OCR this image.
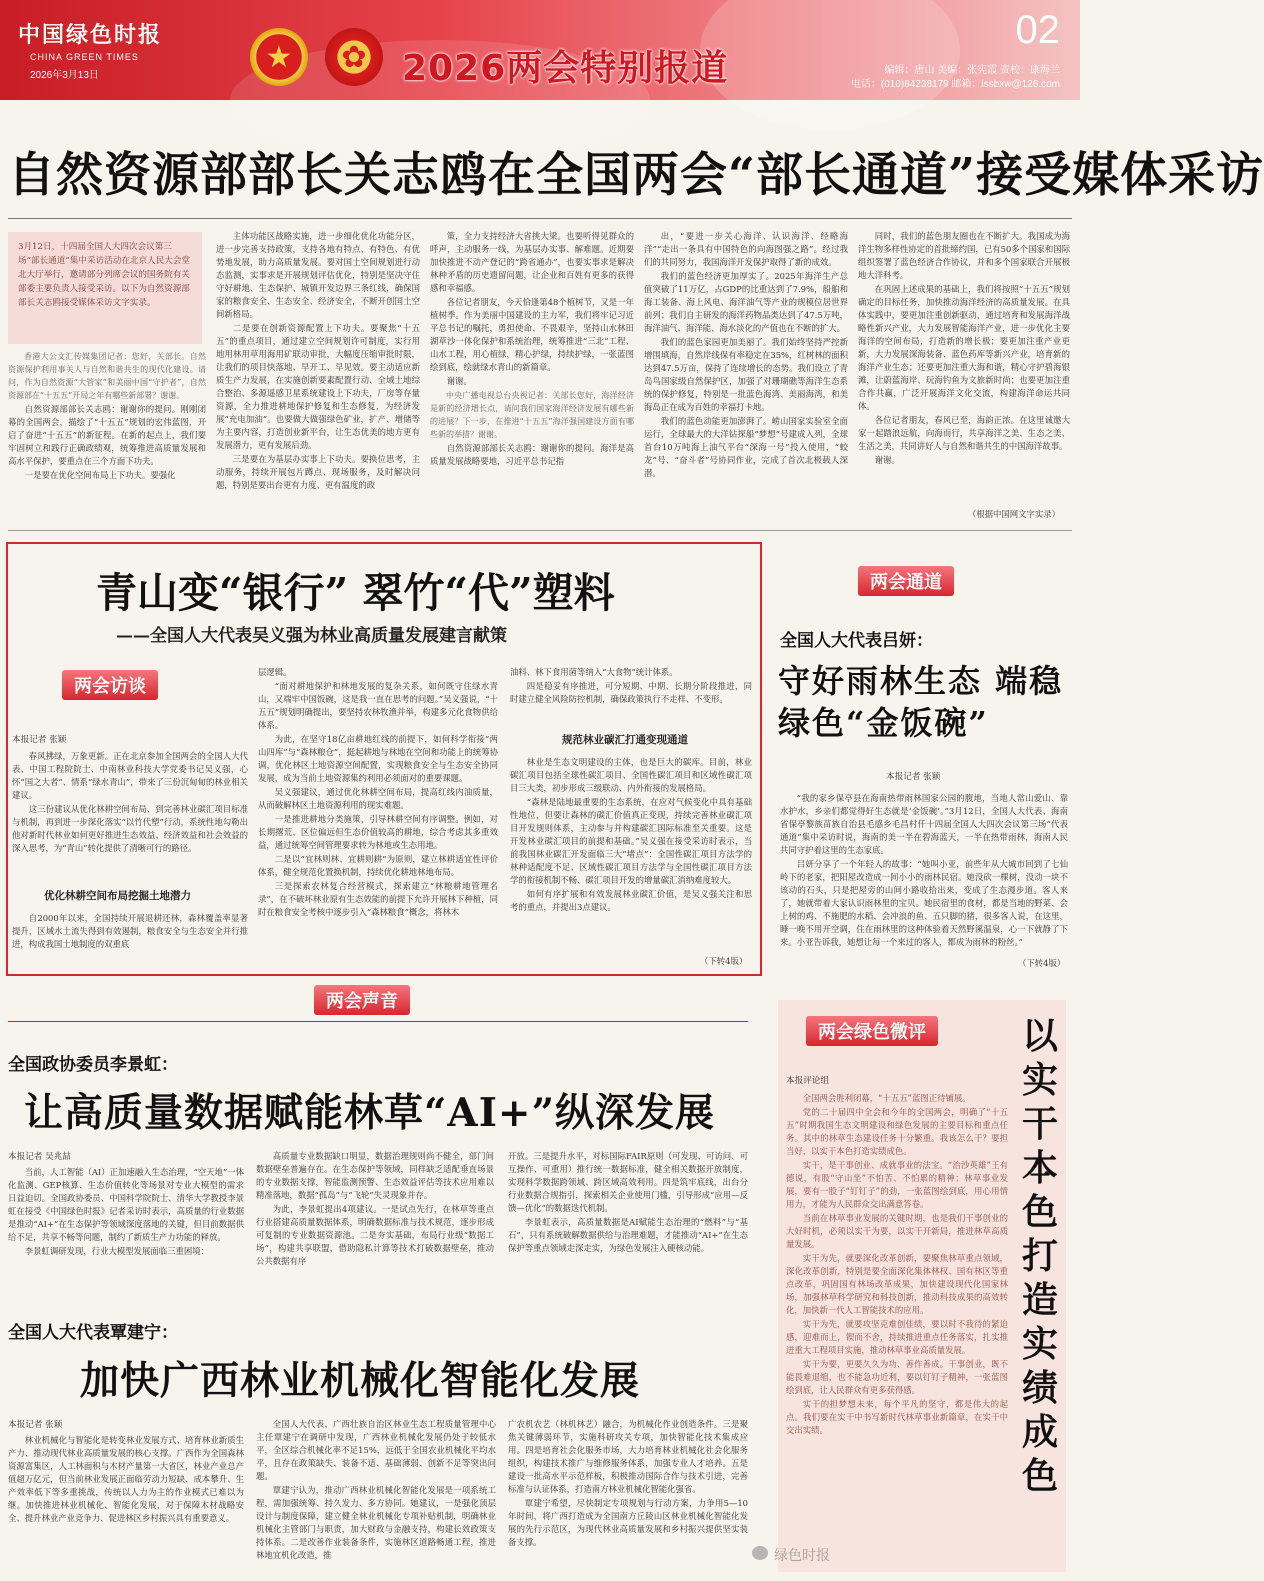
中国绿色时报
CHINA GREEN TIMES
2026年3月13日
★	✿ 2026两会特别报道
02
编辑：唐山 美编：张宪霞 责校：康海兰
电话：(010)84238179 邮箱：lssbxw@126.com
自然资源部部长关志鸥在全国两会“部长通道”接受媒体采访
3月12日，十四届全国人大四次会议第三场“部长通道”集中采访活动在北京人民大会堂北大厅举行，邀请部分列席会议的国务院有关部委主要负责人接受采访。以下为自然资源部部长关志鸥接受媒体采访文字实录。

香港大公文汇传媒集团记者：您好，关部长。自然资源保护利用事关人与自然和谐共生的现代化建设。请问，作为自然资源“大管家”和美丽中国“守护者”，自然资源部在“十五五”开局之年有哪些新部署？谢谢。

自然资源部部长关志鸥：谢谢你的提问。刚刚闭幕的全国两会，描绘了“十五五”规划的宏伟蓝图，开启了奋进“十五五”的新征程。在新的起点上，我们要牢固树立和践行正确政绩观，统筹推进高质量发展和高水平保护，要重点在三个方面下功夫。

一是要在优化空间布局上下功夫。要强化

主体功能区战略实施，进一步细化优化功能分区，进一步完善支持政策，支持各地有特点、有特色、有优势地发展，助力高质量发展。要对国土空间规划进行动态监测，实事求是开展规划评估优化，特别是坚决守住守好耕地、生态保护、城镇开发边界三条红线，确保国家的粮食安全、生态安全、经济安全，不断开创国土空间新格局。

二是要在创新资源配置上下功夫。要聚焦“十五五”的重点项目，通过建立空间规划许可制度，实行用地用林用草用海用矿联动审批，大幅度压缩审批时限，让我们的项目快落地、早开工、早见效。要主动适应新质生产力发展，在实施创新要素配置行动、全域土地综合整治、多源遥感卫星系统建设上下功夫，厂房等存量资源，全力推进耕地保护修复和生态修复，为经济发展“充电加油”。也要做大做强绿色矿业，扩产、增储等为主要内容，打造创业新平台，让生态优美的地方更有发展潜力，更有发展后劲。

三是要在为基层办实事上下功夫。要换位思考，主动服务，持续开展包片蹲点、现场服务，及时解决问题，特别是要出台更有力度、更有温度的政

策，全力支持经济大省挑大梁。也要听得见群众的呼声，主动服务一线，为基层办实事、解难题。近期要加快推进不动产登记的“跨省通办”，也要实事求是解决林种矛盾的历史遗留问题，让企业和百姓有更多的获得感和幸福感。

各位记者朋友，今天恰逢第48个植树节，又是一年植树季。作为美丽中国建设的主力军，我们将牢记习近平总书记的嘱托，勇担使命、不畏艰辛，坚持山水林田湖草沙一体化保护和系统治理，统筹推进“三北”工程、山水工程，用心植绿，精心护绿，持续护绿，一张蓝图绘到底，绘就绿水青山的新篇章。

谢谢。

中央广播电视总台央视记者：关部长您好，海洋经济是新的经济增长点，请问我们国家海洋经济发展有哪些新的进展？下一步，在推进“十五五”海洋强国建设方面有哪些新的举措？谢谢。

自然资源部部长关志鸥：谢谢你的提问。海洋是高质量发展战略要地，习近平总书记指

出，“要进一步关心海洋、认识海洋、经略海洋”“走出一条具有中国特色的向海图强之路”。经过我们的共同努力，我国海洋开发保护取得了新的成效。

我们的蓝色经济更加厚实了。2025年海洋生产总值突破了11万亿，占GDP的比重达到了7.9%，船舶和海工装备、海上风电、海洋油气等产业的规模位居世界前列；我们自主研发的海洋药物品类达到了47.5万吨，海洋油气、海洋能、海水淡化的产值也在不断的扩大。

我们的蓝色家园更加美丽了。我们始终坚持严控新增围填海，自然岸线保有率稳定在35%，红树林的面积达到47.5万亩，保持了连续增长的态势。我们设立了青岛鸟国家级自然保护区，加强了对珊瑚礁等海洋生态系统的保护修复，特别是一批蓝色海湾、美丽海湾，和美海岛正在成为百姓的幸福打卡地。

我们的蓝色动能更加澎湃了。崂山国家实验室全面运行，全球最大的大洋钻探船“梦想”号建成入列，全球首台10万吨海上油气平台“深海一号”投入使用，“蛟龙”号、“奋斗者”号协同作业，完成了首次北极载人深潜。

同时，我们的蓝色朋友圈也在不断扩大。我国成为海洋生物多样性协定的首批缔约国，已有50多个国家和国际组织签署了蓝色经济合作协议，并和多个国家联合开展极地大洋科考。

在巩固上述成果的基础上，我们将按照“十五五”规划确定的目标任务，加快推动海洋经济的高质量发展。在具体实践中，要更加注重创新驱动，通过培育和发展海洋战略性新兴产业，大力发展智能海洋产业，进一步优化主要海洋的空间布局，打造新的增长极；要更加注重产业更新，大力发展深海装备、蓝色药库等新兴产业，培育新的海洋产业生态；还要更加注重大海和谐，精心守护碧海银滩，让蔚蓝海岸、玩海钓鱼为文旅新时尚；也要更加注重合作共赢，广泛开展海洋文化交流，构建海洋命运共同体。

各位记者朋友，春风已至，海韵正浓。在这里诚邀大家一起踏浪远航，向海而行，共享海洋之美、生态之美、生活之美，共同讲好人与自然和谐共生的中国海洋故事。

谢谢。

（根据中国网文字实录）
青山变“银行” 翠竹“代”塑料
——全国人大代表吴义强为林业高质量发展建言献策
两会访谈
本报记者 张颖

春风拂绿，万象更新。正在北京参加全国两会的全国人大代表、中国工程院院士、中南林业科技大学党委书记吴义强，心怀“国之大者”、情系“绿水青山”，带来了三份沉甸甸的林业相关建议。

这三份建议从优化林耕空间布局、到完善林业碳汇项目标准与机制，再到进一步深化落实“以竹代塑”行动，系统性地勾勒出他对新时代林业如何更好推进生态效益、经济效益和社会效益的深入思考，为“青山”转化提供了清晰可行的路径。

优化林耕空间布局挖掘土地潜力

自2000年以来，全国持续开展退耕还林，森林覆盖率显著提升，区域水土流失得到有效遏制，粮食安全与生态安全并行推进，构成我国土地制度的双重底

层逻辑。

“面对耕地保护和林地发展的复杂关系，如何既守住绿水青山，又端牢中国饭碗，这是我一直在思考的问题。”吴义强说，“十五五”规划明确提出，要坚持农林牧渔并举，构建多元化食物供给体系。

为此，在坚守18亿亩耕地红线的前提下，如何科学衔接“两山四库”与“森林粮仓”，挺起耕地与林地在空间和功能上的统筹协调，优化林区土地资源空间配置，实现粮食安全与生态安全协同发展，成为当前土地资源集约利用必须面对的重要课题。

吴义强建议，通过优化林耕空间布局，提高红线内油质量，从而破解林区土地资源利用的现实难题。

一是推进耕地分类施策，引导林耕空间有序调整。例如，对长期撂荒、区位偏远但生态价值较高的耕地，综合考虑其多重效益，通过统筹空间管理要求转为林地或生态用地。

二是以“宜林则林、宜耕则耕”为原则，建立林耕适宜性评价体系，健全规范化置换机制，持续优化耕地林地布局。

三是探索农林复合经营模式，探索建立“林粮耕地管理名录”，在不破坏林业原有生态效能的前提下允许开展林下种植，同时在粮食安全考核中逐步引入“森林粮食”概念，将林木

油料、林下食用菌等纳入“大食物”统计体系。

四是稳妥有序推进，可分短期、中期、长期分阶段推进，同时建立健全风险防控机制，确保政策执行不走样、不变形。

规范林业碳汇打通变现通道

林业是生态文明建设的主体，也是巨大的碳库。目前，林业碳汇项目包括全球性碳汇项目、全国性碳汇项目和区域性碳汇项目三大类，初步形成三级联动、内外衔接的发展格局。

“森林是陆地最重要的生态系统，在应对气候变化中具有基础性地位，但要让森林的碳汇价值真正变现，持续完善林业碳汇项目开发规则体系，主动参与并构建碳汇国际标准至关重要。这是开发林业碳汇项目的前提和基础。”吴义强在接受采访时表示，当前我国林业碳汇开发面临三大“堵点”：全国性碳汇项目方法学的林种适配度不足、区域性碳汇项目方法学与全国性碳汇项目方法学的衔接机制不畅、碳汇项目开发的增量碳汇消纳难度较大。

如何有序扩展和有效发展林业碳汇价值，是吴义强关注和思考的重点，并提出3点建议。

（下转4版）
两会通道
全国人大代表吕妍：
守好雨林生态 端稳绿色“金饭碗”
本报记者 张颖

“我的家乡保亭县在海南热带雨林国家公园的腹地，当地人常山爱山、靠水护水，乡亲们都觉得好生态就是‘金饭碗’。”3月12日，全国人大代表、海南省保亭黎族苗族自治县毛感乡毛昌村仟十四届全国人大四次会议第三场“代表通道”集中采访时说，海南的美一半在碧海蓝天，一半在热带雨林，海南人民共同守护着这里的生态家底。

吕妍分享了一个年轻人的故事：“她叫小亚，前些年从大城市回到了七仙岭下的老家，把阳屋改造成一间小小的雨林民宿。她没砍一棵树，没动一块不该动的石头，只是把屋旁的山间小路收拾出来，变成了生态漫步道。客人来了，她就带着大家认识雨林里的宝贝。她民宿里的食材，都是当地的野菜、会上树的鸡、不施肥的水稻、会冲浪的鱼、五只脚的猪，很多客人说，在这里，睡一晚不用开空调，住在雨林里的这种体验着天然野溪温泉，心一下就静了下来。小亚告诉我，她想让每一个来过的客人，都成为雨林的粉丝。”

（下转4版）
两会声音
全国政协委员李景虹：
让高质量数据赋能林草“AI+”纵深发展
本报记者 吴兆喆

当前，人工智能（AI）正加速融入生态治理，“空天地”一体化监测、GEP核算、生态价值转化等场景对专业大模型的需求日益迫切。全国政协委员、中国科学院院士、清华大学教授李景虹在接受《中国绿色时报》记者采访时表示，高质量的行业数据是推动“AI+”在生态保护等领域深度落地的关键，但目前数据供给不足，共享不畅等问题，制约了新质生产力功能的释放。

李景虹调研发现，行业大模型发展面临三重困境：

高质量专业数据缺口明显，数据治理规则尚不健全，部门间数据壁垒普遍存在。在生态保护等领域，同样缺乏适配垂直场景的专业数据支撑，智能监测预警、生态效益评估等技术应用难以精准落地，数据“孤岛”与“飞轮”失灵现象并存。

为此，李景虹提出4项建议。一是试点先行，在林草等重点行业搭建高质量数据体系，明确数据标准与技术规范，逐步形成可复制的专业数据资源池。二是夯实基础，布局行业级“数据工场”，构建共享联盟，借助隐私计算等技术打破数据壁垒，推动公共数据有序

开放。三是提升水平，对标国际FAIR原则（可发现、可访问、可互操作、可重用）推行统一数据标准，健全相关数据开放制度，实现科学数据跨领域、跨区域高效利用。四是筑牢底线，出台分行业数据合规指引，探索相关企业使用门槛，引导形成“应用—反馈—优化”的数据迭代机制。

李景虹表示，高质量数据是AI赋能生态治理的“燃料”与“基石”，只有系统破解数据供给与治理难题，才能推动“AI+”在生态保护等重点领域走深走实，为绿色发展注入硬核动能。

全国人大代表覃建宁：
加快广西林业机械化智能化发展
本报记者 张颖

林业机械化与智能化是转变林业发展方式、培育林业新质生产力、推动现代林业高质量发展的核心支撑。广西作为全国森林资源富集区，人工林面积与木材产量第一大省区，林业产业总产值超万亿元，但当前林业发展正面临劳动力短缺、成本攀升、生产效率低下等多重挑战，传统以人力为主的作业模式已难以为继。加快推进林业机械化、智能化发展，对于保障木材战略安全、提升林业产业竞争力、促进林区乡村振兴具有重要意义。

全国人大代表、广西壮族自治区林业生态工程质量管理中心主任覃建宁在调研中发现，广西林业机械化发展仍处于较低水平，全区综合机械化率不足15%，远低于全国农业机械化平均水平，且存在政策缺失、装备不适、基础薄弱、创新不足等突出问题。

覃建宁认为，推动广西林业机械化智能化发展是一项系统工程，需加强统筹、持久发力、多方协同。她建议，一是强化顶层设计与制度保障，建立健全林业机械化专项补贴机制，明确林业机械化主管部门与职责，加大财政与金融支持，构建长效政策支持体系。二是改善作业装备条件，实施林区道路畅通工程，推进林地宜机化改造，推

广农机农艺（林机林艺）融合，为机械化作业创造条件。三是聚焦关键薄弱环节，实施科研攻关专项，加快智能化技术集成应用。四是培育社会化服务市场，大力培育林业机械化社会化服务组织，构建技术推广与维修服务体系，加强专业人才培养。五是建设一批高水平示范样板，积极推动国际合作与技术引进，完善标准与认证体系，打造南方林业机械化智能化强省。

覃建宁希望，尽快制定专项规划与行动方案，力争用5—10年时间，将广西打造成为全国南方丘陵山区林业机械化智能化发展的先行示范区，为现代林业高质量发展和乡村振兴提供坚实装备支撑。

两会绿色微评	以实干本色打造实绩成色
本报评论组

全国两会胜利闭幕，“十五五”蓝图正待铺展。

党的二十届四中全会和今年的全国两会，明确了“十五五”时期我国生态文明建设和绿色发展的主要目标和重点任务。其中的林草生态建设任务十分繁重。我该怎么干？要担当好，以实干本色打造实绩成色。

实干，是干事创业、成就事业的法宝。“治沙英雄”王有德说，有股“守山坐”不怕苦、不怕累的精神；林草事业发展，要有一股子“钉钉子”的劲，一张蓝图绘到底，用心用情用力，才能为人民群众交出满意答卷。

当前在林草事业发展的关键时期，也是我们干事创业的大好时机，必须以实干为要，以实干开新局，推进林草高质量发展。

实干为先，就要深化改革创新，要聚焦林草重点领域，深化改革创新，特别是要全面深化集体林权、国有林区等重点改革，巩固国有林场改革成果，加快建设现代化国家林场，加强林草科学研究和科技创新，推动科技成果的高效转化，加快新一代人工智能技术的应用。

实干为先，就要攻坚克难创佳绩，要以时不我待的紧迫感，迎难而上，锲而不舍，持续推进重点任务落实，扎实推进重大工程项目实施，推动林草事业高质量发展。

实干为要，更要久久为功、善作善成。干事创业，既不能畏难退缩，也不能急功近利，要以钉钉子精神，一张蓝图绘到底，让人民群众有更多获得感。

实干的担梦想未来，每个平凡的坚守，都是伟大的起点。我们要在实干中书写新时代林草事业新篇章，在实干中交出实绩。

绿色时报
